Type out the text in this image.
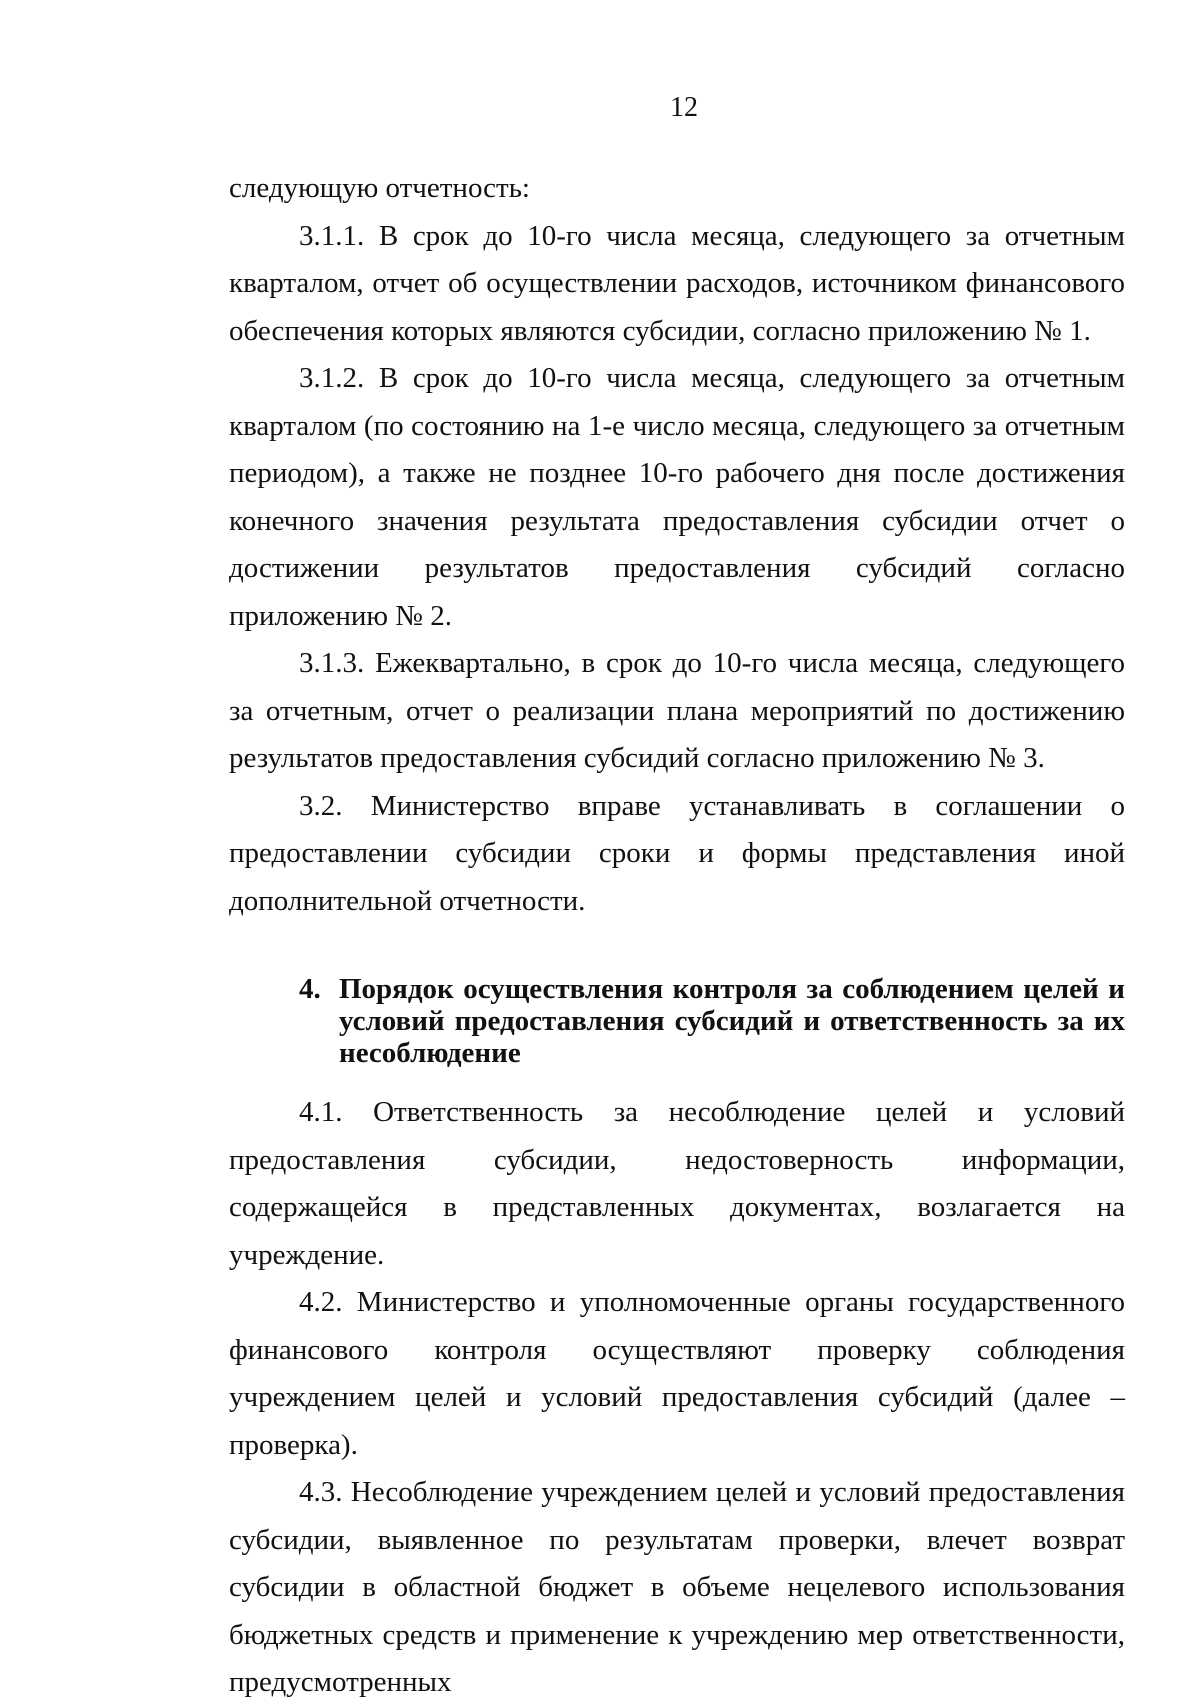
12

следующую отчетность:

3.1.1. В срок до 10-го числа месяца, следующего за отчетным кварталом, отчет об осуществлении расходов, источником финансового обеспечения которых являются субсидии, согласно приложению № 1.

3.1.2. В срок до 10-го числа месяца, следующего за отчетным кварталом (по состоянию на 1-е число месяца, следующего за отчетным периодом), а также не позднее 10-го рабочего дня после достижения конечного значения результата предоставления субсидии отчет о достижении результатов предоставления субсидий согласно приложению № 2.

3.1.3. Ежеквартально, в срок до 10-го числа месяца, следующего за отчетным, отчет о реализации плана мероприятий по достижению результатов предоставления субсидий согласно приложению № 3.

3.2. Министерство вправе устанавливать в соглашении о предоставлении субсидии сроки и формы представления иной дополнительной отчетности.

4. Порядок осуществления контроля за соблюдением целей и условий предоставления субсидий и ответственность за их несоблюдение

4.1. Ответственность за несоблюдение целей и условий предоставления субсидии, недостоверность информации, содержащейся в представленных документах, возлагается на учреждение.

4.2. Министерство и уполномоченные органы государственного финансового контроля осуществляют проверку соблюдения учреждением целей и условий предоставления субсидий (далее – проверка).

4.3. Несоблюдение учреждением целей и условий предоставления субсидии, выявленное по результатам проверки, влечет возврат субсидии в областной бюджет в объеме нецелевого использования бюджетных средств и применение к учреждению мер ответственности, предусмотренных
